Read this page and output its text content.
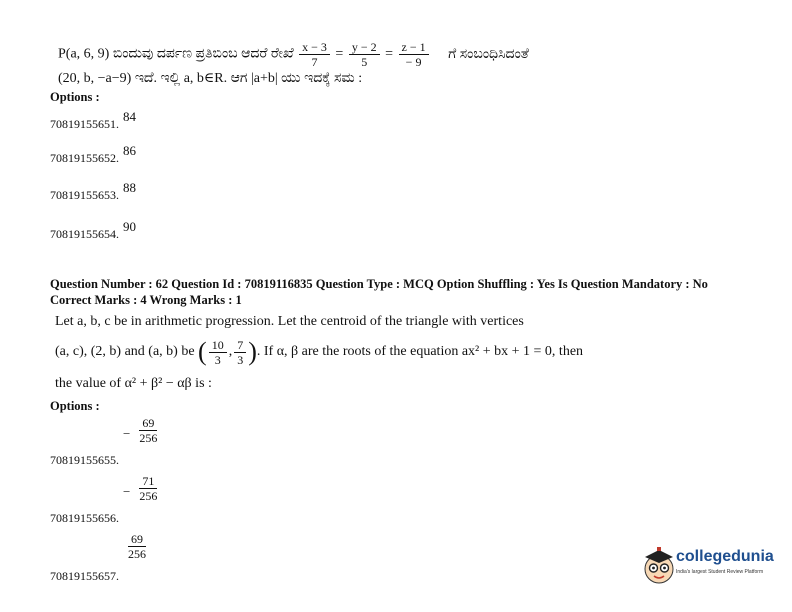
P(a, 6, 9) ಬಿಂದುವು ದರ್ಪಣ ಪ್ರತಿಬಿಂಬ ಆದರೆ ರೇಖೆ $\frac{x - 3}{7} = \frac{y - 2}{5} = \frac{z - 1}{- 9}$ ಗೆ ಸಂಬಂಧಿಸಿದಂತೆ
(20, b, −a−9) ಇದೆ. ಇಲ್ಲಿ a, b∈R. ಆಗ |a+b| ಯು ಇದಕ್ಕೆ ಸಮ :
Options :
$_{70819155651.}$ 84
$_{70819155652.}$ 86
$_{70819155653.}$ 88
$_{70819155654.}$ 90
Question Number : 62 Question Id : 70819116835 Question Type : MCQ Option Shuffling : Yes Is Question Mandatory : No
Correct Marks : 4 Wrong Marks : 1
Let a, b, c be in arithmetic progression. Let the centroid of the triangle with vertices
(a, c), (2, b) and (a, b) be ( $\frac{10}{3}$ , $\frac{7}{3}$ ). If α, β are the roots of the equation ax² + bx + 1 = 0, then
the value of α² + β² − αβ is :
Options :
$_{70819155655.}$ $_- \frac{69}{256}$
$_{70819155656.}$ $_- \frac{71}{256}$
$_{70819155657.}$
$\frac{69}{256}$	collegedunia
India's largest Student Review Platform
